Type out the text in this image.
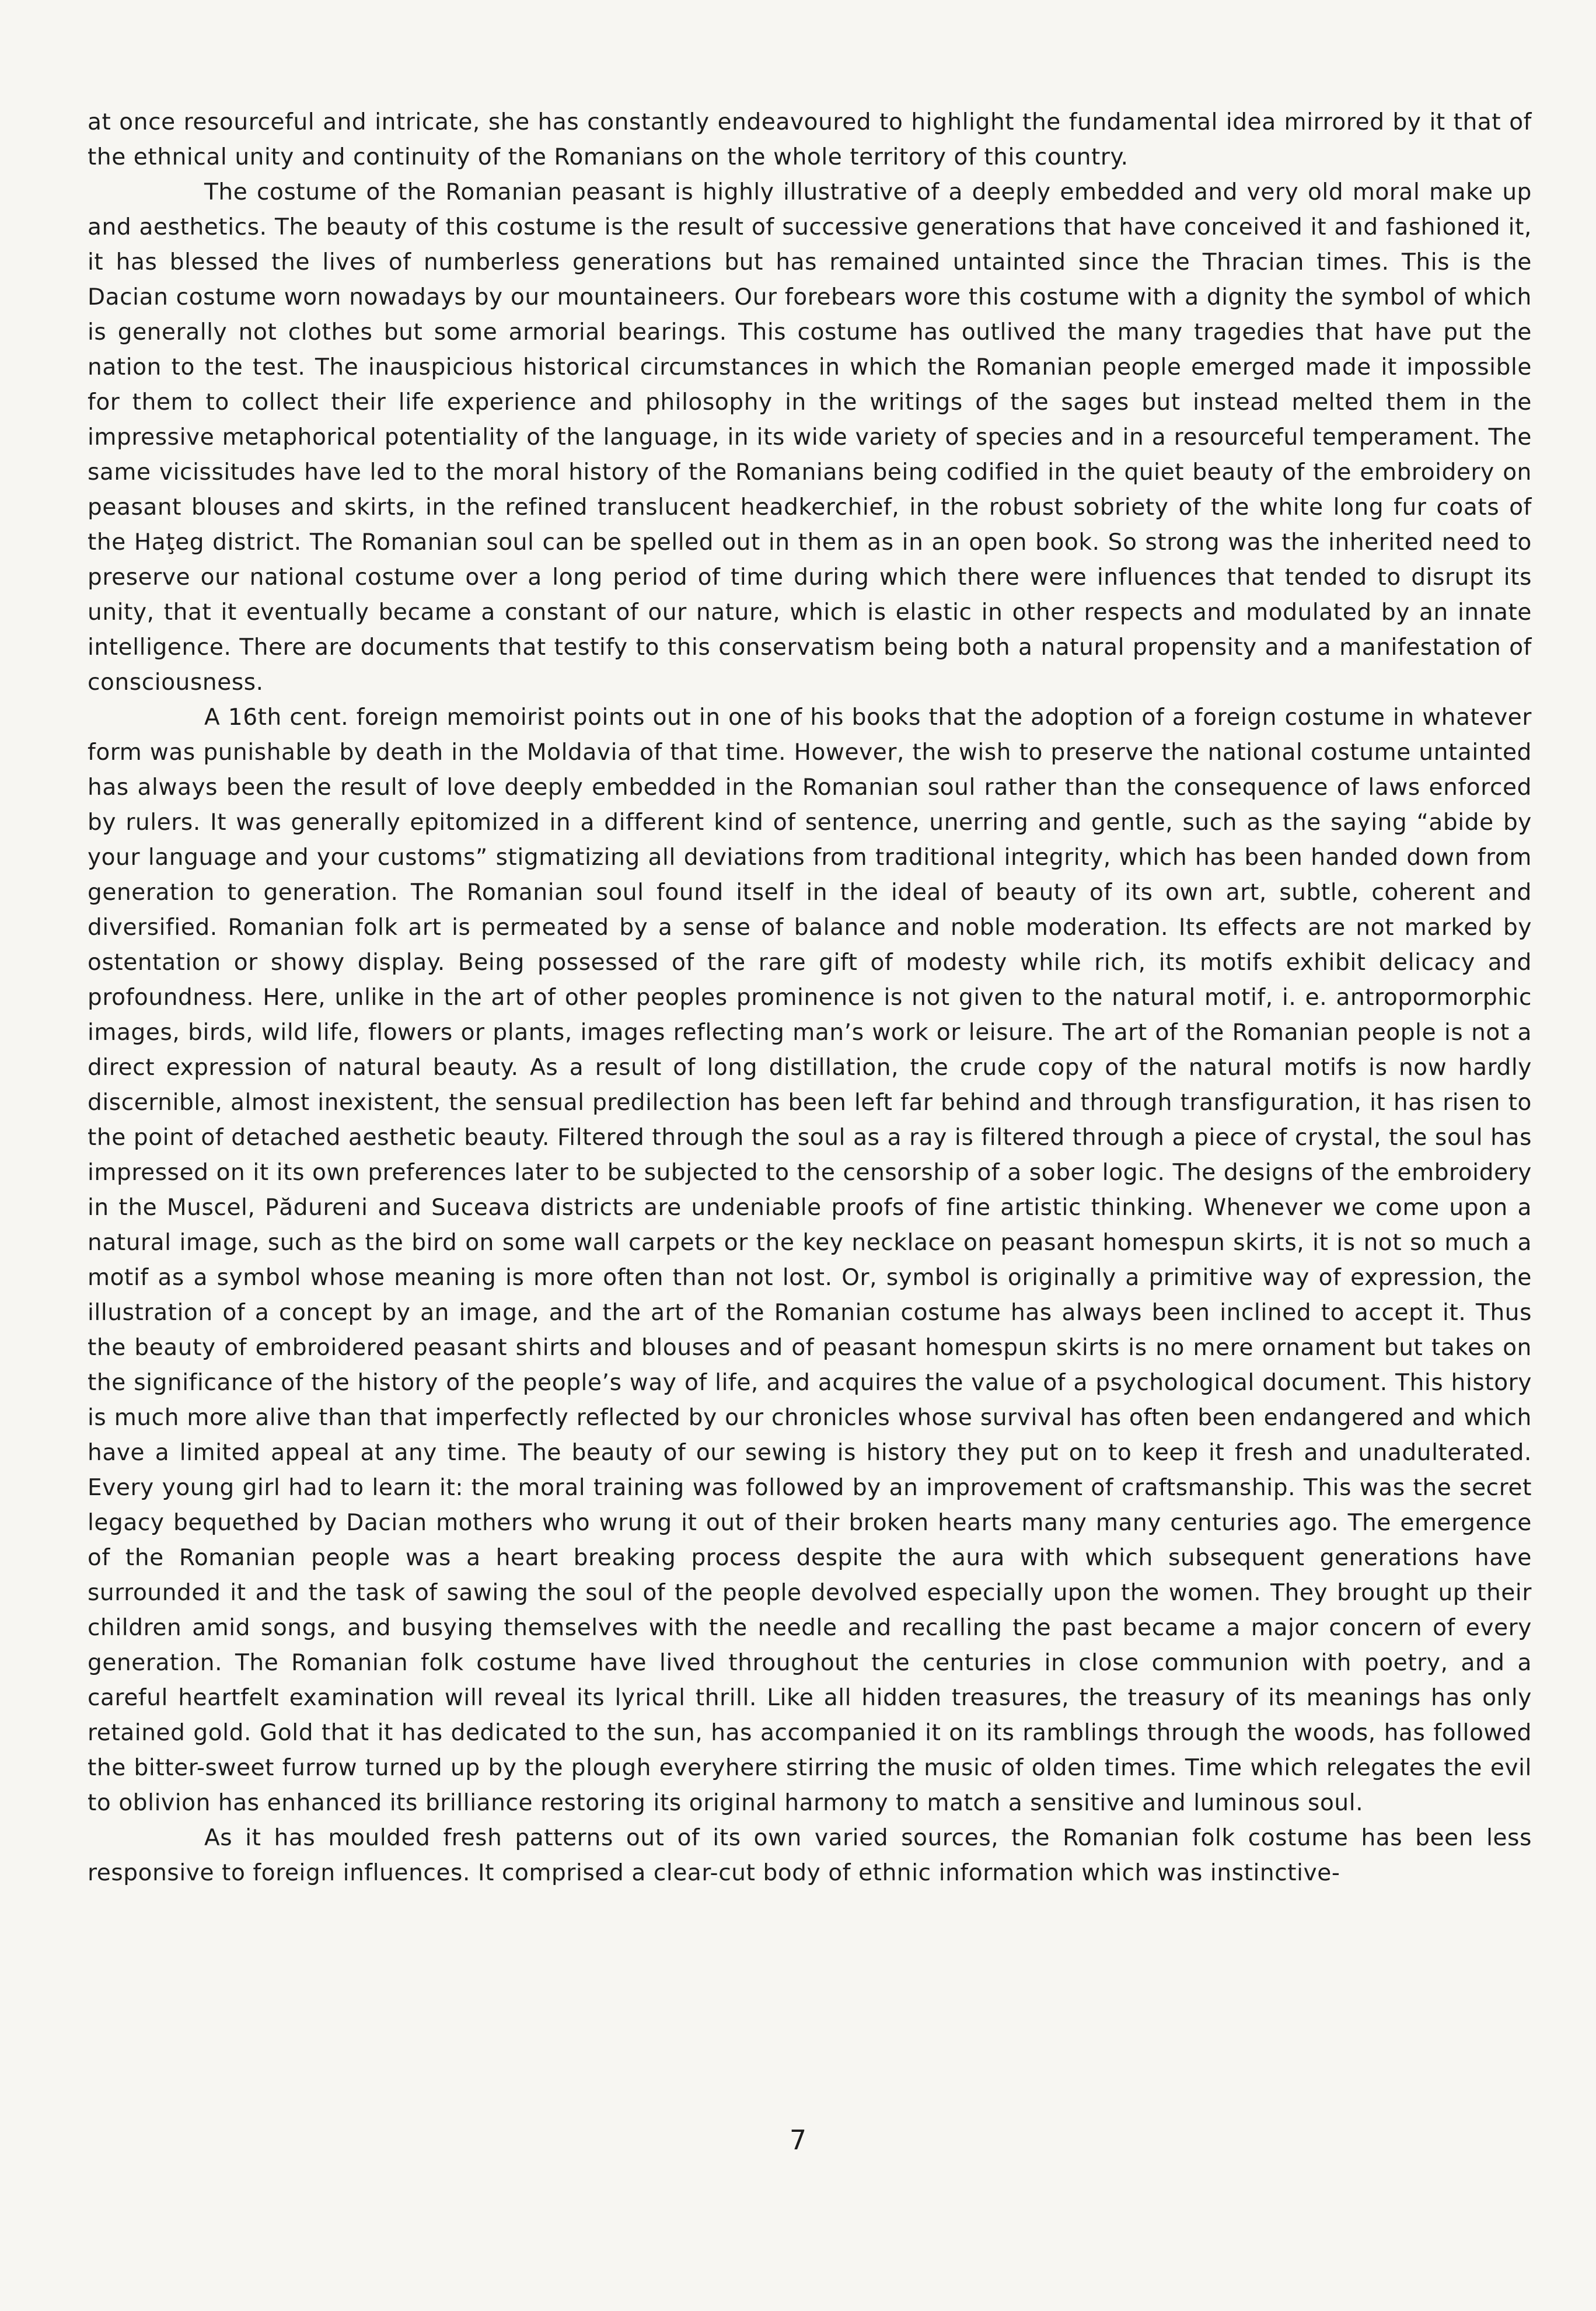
at once resourceful and intricate, she has constantly endeavoured to highlight the fundamental idea mirrored by it that of the ethnical unity and continuity of the Romanians on the whole territory of this country.

The costume of the Romanian peasant is highly illustrative of a deeply embedded and very old moral make up and aesthetics. The beauty of this costume is the result of successive generations that have conceived it and fashioned it, it has blessed the lives of numberless generations but has remained untainted since the Thracian times. This is the Dacian costume worn nowadays by our mountaineers. Our forebears wore this costume with a dignity the symbol of which is generally not clothes but some armorial bearings. This costume has outlived the many tragedies that have put the nation to the test. The inauspicious historical circumstances in which the Romanian people emerged made it impossible for them to collect their life experience and philosophy in the writings of the sages but instead melted them in the impressive metaphorical potentiality of the language, in its wide variety of species and in a resourceful temperament. The same vicissitudes have led to the moral history of the Romanians being codified in the quiet beauty of the embroidery on peasant blouses and skirts, in the refined translucent headkerchief, in the robust sobriety of the white long fur coats of the Haţeg district. The Romanian soul can be spelled out in them as in an open book. So strong was the inherited need to preserve our national costume over a long period of time during which there were influences that tended to disrupt its unity, that it eventually became a constant of our nature, which is elastic in other respects and modulated by an innate intelligence. There are documents that testify to this conservatism being both a natural propensity and a manifestation of consciousness.

A 16th cent. foreign memoirist points out in one of his books that the adoption of a foreign costume in whatever form was punishable by death in the Moldavia of that time. However, the wish to preserve the national costume untainted has always been the result of love deeply embedded in the Romanian soul rather than the consequence of laws enforced by rulers. It was generally epitomized in a different kind of sentence, unerring and gentle, such as the saying “abide by your language and your customs” stigmatizing all deviations from traditional integrity, which has been handed down from generation to generation. The Romanian soul found itself in the ideal of beauty of its own art, subtle, coherent and diversified. Romanian folk art is permeated by a sense of balance and noble moderation. Its effects are not marked by ostentation or showy display. Being possessed of the rare gift of modesty while rich, its motifs exhibit delicacy and profoundness. Here, unlike in the art of other peoples prominence is not given to the natural motif, i. e. antropormorphic images, birds, wild life, flowers or plants, images reflecting man’s work or leisure. The art of the Romanian people is not a direct expression of natural beauty. As a result of long distillation, the crude copy of the natural motifs is now hardly discernible, almost inexistent, the sensual predilection has been left far behind and through transfiguration, it has risen to the point of detached aesthetic beauty. Filtered through the soul as a ray is filtered through a piece of crystal, the soul has impressed on it its own preferences later to be subjected to the censorship of a sober logic. The designs of the embroidery in the Muscel, Pădureni and Suceava districts are undeniable proofs of fine artistic thinking. Whenever we come upon a natural image, such as the bird on some wall carpets or the key necklace on peasant homespun skirts, it is not so much a motif as a symbol whose meaning is more often than not lost. Or, symbol is originally a primitive way of expression, the illustration of a concept by an image, and the art of the Romanian costume has always been inclined to accept it. Thus the beauty of embroidered peasant shirts and blouses and of peasant homespun skirts is no mere ornament but takes on the significance of the history of the people’s way of life, and acquires the value of a psychological document. This history is much more alive than that imperfectly reflected by our chronicles whose survival has often been endangered and which have a limited appeal at any time. The beauty of our sewing is history they put on to keep it fresh and unadulterated. Every young girl had to learn it: the moral training was followed by an improvement of craftsmanship. This was the secret legacy bequethed by Dacian mothers who wrung it out of their broken hearts many many centuries ago. The emergence of the Romanian people was a heart breaking process despite the aura with which subsequent generations have surrounded it and the task of sawing the soul of the people devolved especially upon the women. They brought up their children amid songs, and busying themselves with the needle and recalling the past became a major concern of every generation. The Romanian folk costume have lived throughout the centuries in close communion with poetry, and a careful heartfelt examination will reveal its lyrical thrill. Like all hidden treasures, the treasury of its meanings has only retained gold. Gold that it has dedicated to the sun, has accompanied it on its ramblings through the woods, has followed the bitter-sweet furrow turned up by the plough everyhere stirring the music of olden times. Time which relegates the evil to oblivion has enhanced its brilliance restoring its original harmony to match a sensitive and luminous soul.

As it has moulded fresh patterns out of its own varied sources, the Romanian folk costume has been less responsive to foreign influences. It comprised a clear-cut body of ethnic information which was instinctive-

7
